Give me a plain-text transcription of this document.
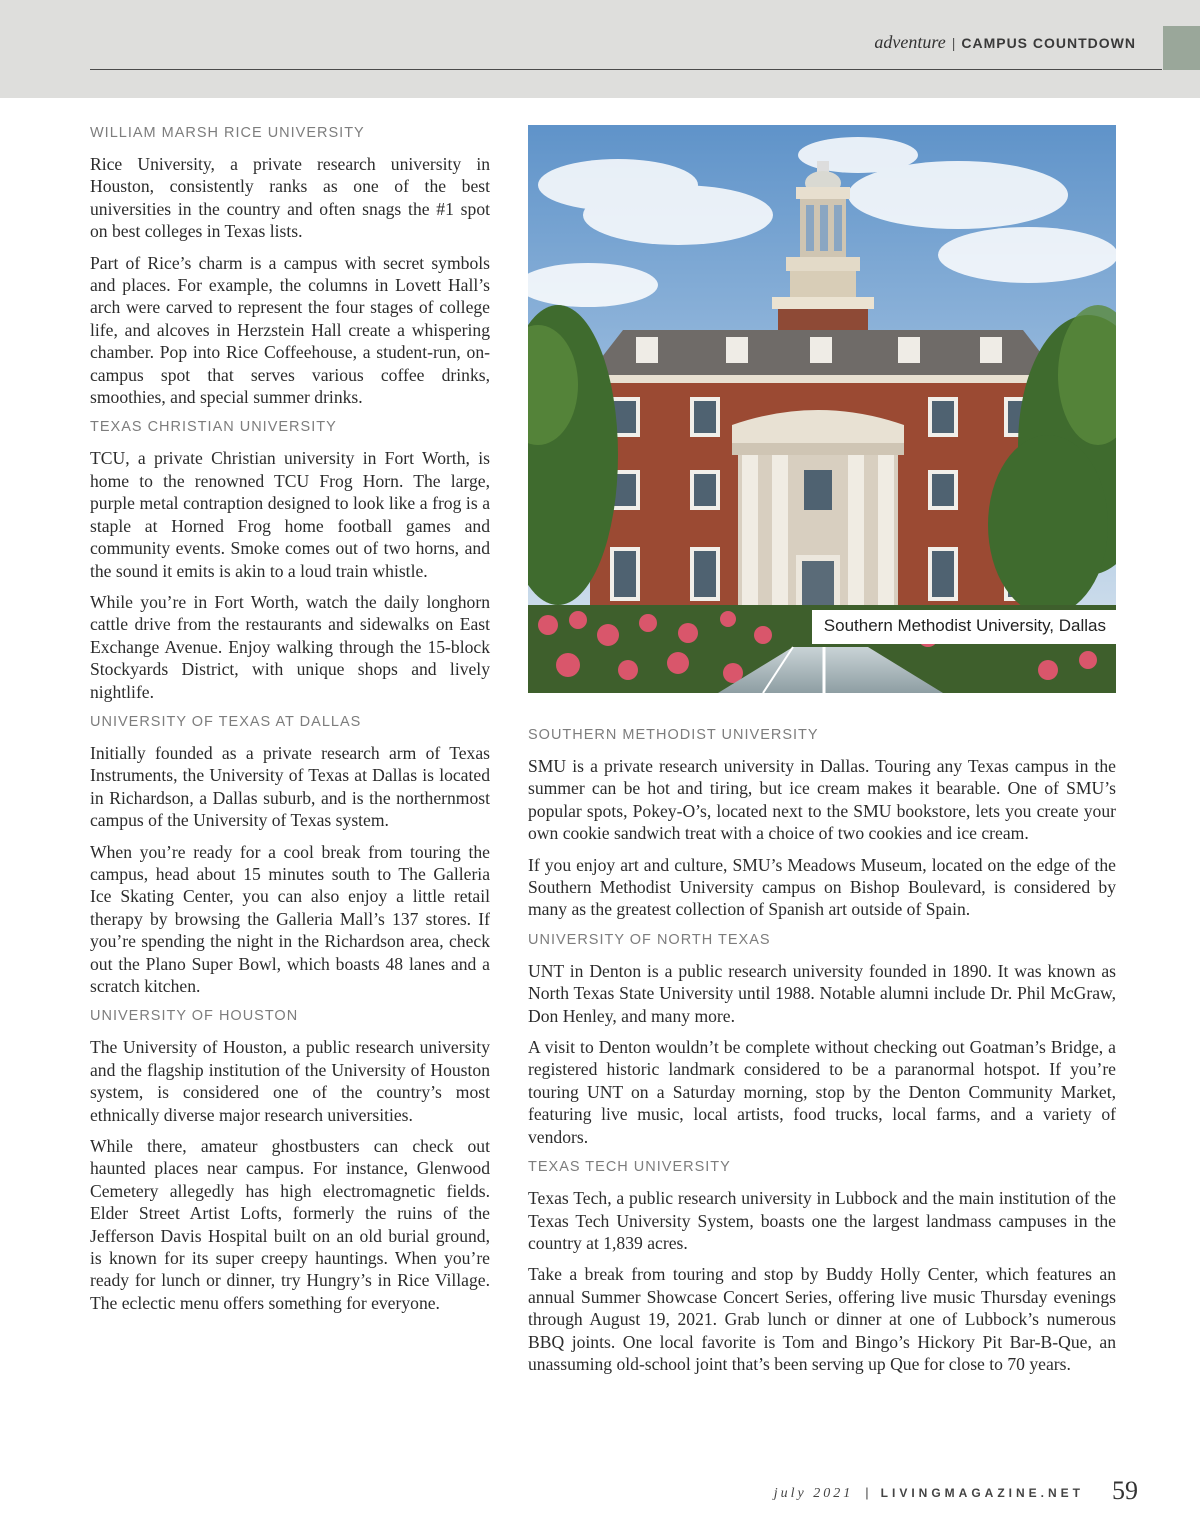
adventure | CAMPUS COUNTDOWN
WILLIAM MARSH RICE UNIVERSITY

Rice University, a private research university in Houston, consistently ranks as one of the best universities in the country and often snags the #1 spot on best colleges in Texas lists.

Part of Rice’s charm is a campus with secret symbols and places. For example, the columns in Lovett Hall’s arch were carved to represent the four stages of college life, and alcoves in Herzstein Hall create a whispering chamber. Pop into Rice Coffeehouse, a student-run, on-campus spot that serves various coffee drinks, smoothies, and special summer drinks.

TEXAS CHRISTIAN UNIVERSITY

TCU, a private Christian university in Fort Worth, is home to the renowned TCU Frog Horn. The large, purple metal contraption designed to look like a frog is a staple at Horned Frog home football games and community events. Smoke comes out of two horns, and the sound it emits is akin to a loud train whistle.

While you’re in Fort Worth, watch the daily longhorn cattle drive from the restaurants and sidewalks on East Exchange Avenue. Enjoy walking through the 15-block Stockyards District, with unique shops and lively nightlife.

UNIVERSITY OF TEXAS AT DALLAS

Initially founded as a private research arm of Texas Instruments, the University of Texas at Dallas is located in Richardson, a Dallas suburb, and is the northernmost campus of the University of Texas system.

When you’re ready for a cool break from touring the campus, head about 15 minutes south to The Galleria Ice Skating Center, you can also enjoy a little retail therapy by browsing the Galleria Mall’s 137 stores. If you’re spending the night in the Richardson area, check out the Plano Super Bowl, which boasts 48 lanes and a scratch kitchen.

UNIVERSITY OF HOUSTON

The University of Houston, a public research university and the flagship institution of the University of Houston system, is considered one of the country’s most ethnically diverse major research universities.

While there, amateur ghostbusters can check out haunted places near campus. For instance, Glenwood Cemetery allegedly has high electromagnetic fields. Elder Street Artist Lofts, formerly the ruins of the Jefferson Davis Hospital built on an old burial ground, is known for its super creepy hauntings. When you’re ready for lunch or dinner, try Hungry’s in Rice Village. The eclectic menu offers something for everyone.

Southern Methodist University, Dallas
SOUTHERN METHODIST UNIVERSITY

SMU is a private research university in Dallas. Touring any Texas campus in the summer can be hot and tiring, but ice cream makes it bearable. One of SMU’s popular spots, Pokey-O’s, located next to the SMU bookstore, lets you create your own cookie sandwich treat with a choice of two cookies and ice cream.

If you enjoy art and culture, SMU’s Meadows Museum, located on the edge of the Southern Methodist University campus on Bishop Boulevard, is considered by many as the greatest collection of Spanish art outside of Spain.

UNIVERSITY OF NORTH TEXAS

UNT in Denton is a public research university founded in 1890. It was known as North Texas State University until 1988. Notable alumni include Dr. Phil McGraw, Don Henley, and many more.

A visit to Denton wouldn’t be complete without checking out Goatman’s Bridge, a registered historic landmark considered to be a paranormal hotspot. If you’re touring UNT on a Saturday morning, stop by the Denton Community Market, featuring live music, local artists, food trucks, local farms, and a variety of vendors.

TEXAS TECH UNIVERSITY

Texas Tech, a public research university in Lubbock and the main institution of the Texas Tech University System, boasts one the largest landmass campuses in the country at 1,839 acres.

Take a break from touring and stop by Buddy Holly Center, which features an annual Summer Showcase Concert Series, offering live music Thursday evenings through August 19, 2021. Grab lunch or dinner at one of Lubbock’s numerous BBQ joints. One local favorite is Tom and Bingo’s Hickory Pit Bar-B-Que, an unassuming old-school joint that’s been serving up Que for close to 70 years.

july 2021 | LIVINGMAGAZINE.NET 59
